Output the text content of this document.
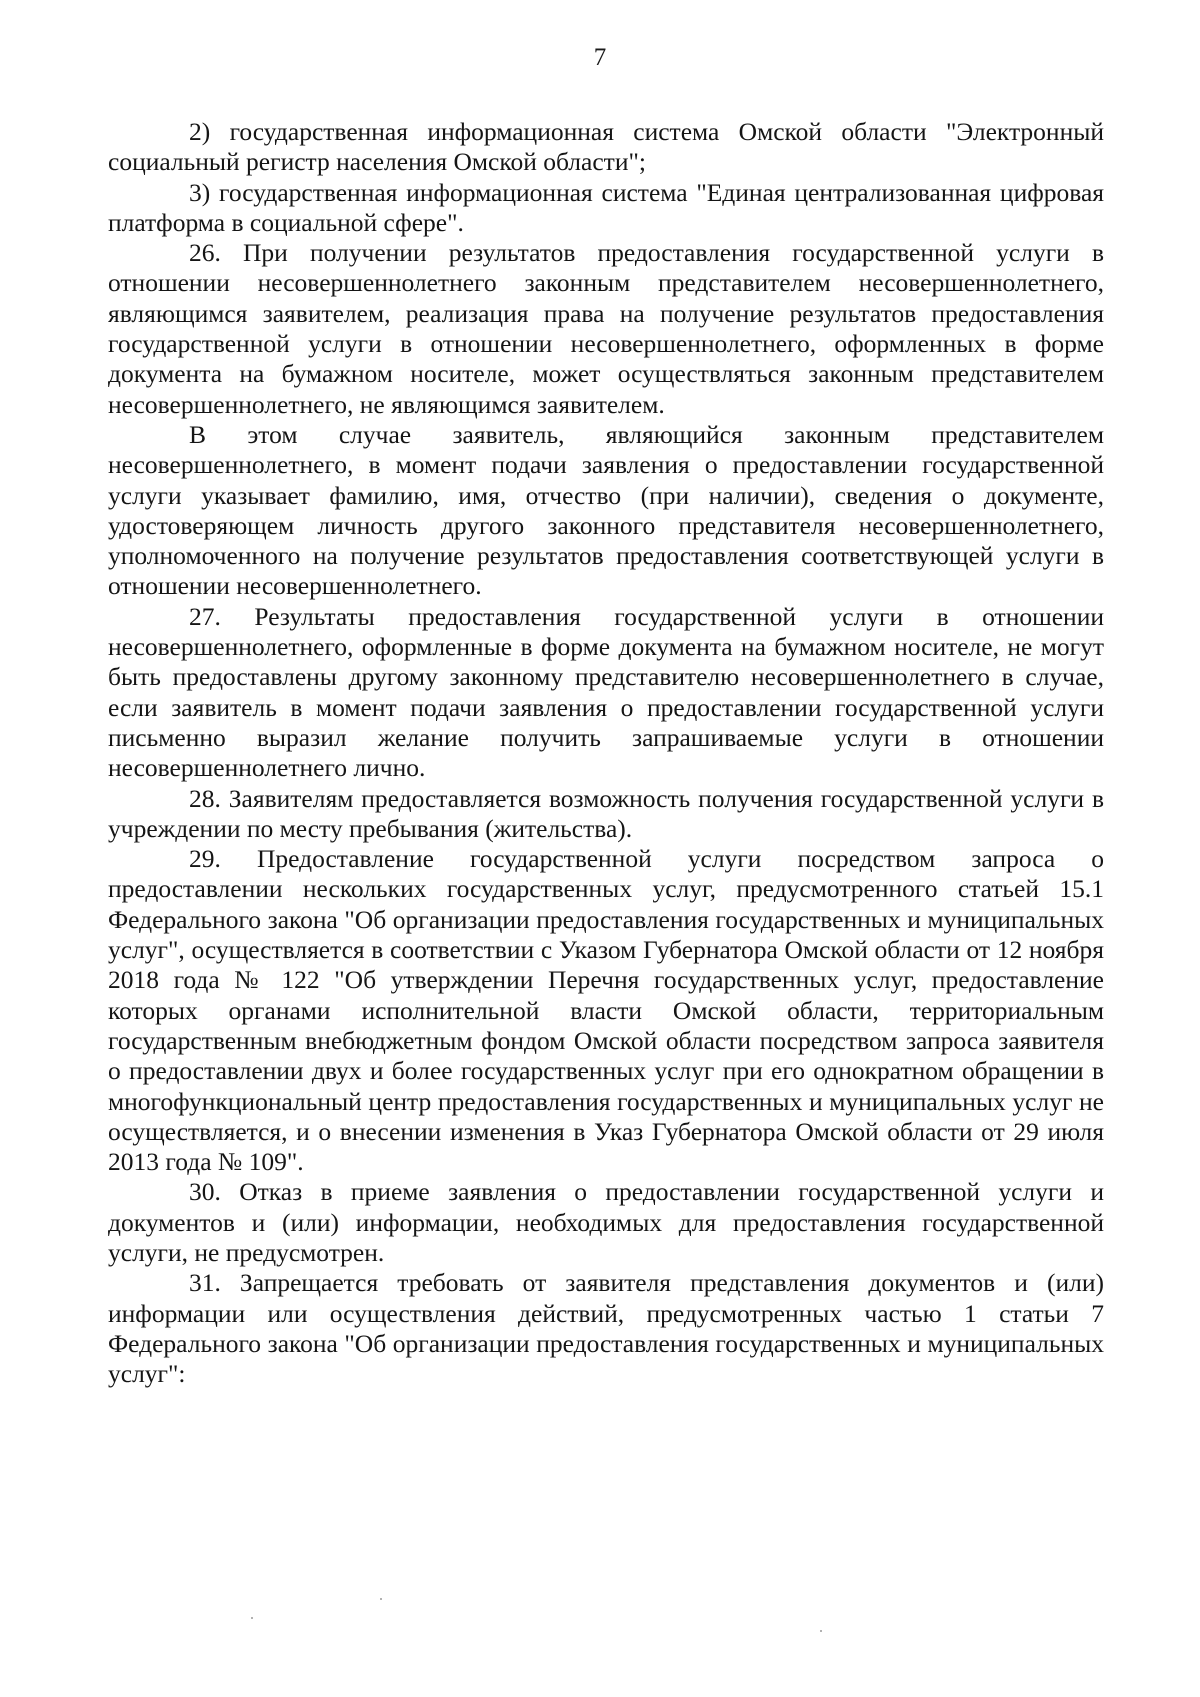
7

2) государственная информационная система Омской области "Электронный социальный регистр населения Омской области";

3) государственная информационная система "Единая централизованная цифровая платформа в социальной сфере".

26. При получении результатов предоставления государственной услуги в отношении несовершеннолетнего законным представителем несовершеннолетнего, являющимся заявителем, реализация права на получение результатов предоставления государственной услуги в отношении несовершеннолетнего, оформленных в форме документа на бумажном носителе, может осуществляться законным представителем несовершеннолетнего, не являющимся заявителем.

В этом случае заявитель, являющийся законным представителем несовершеннолетнего, в момент подачи заявления о предоставлении государственной услуги указывает фамилию, имя, отчество (при наличии), сведения о документе, удостоверяющем личность другого законного представителя несовершеннолетнего, уполномоченного на получение результатов предоставления соответствующей услуги в отношении несовершеннолетнего.

27. Результаты предоставления государственной услуги в отношении несовершеннолетнего, оформленные в форме документа на бумажном носителе, не могут быть предоставлены другому законному представителю несовершеннолетнего в случае, если заявитель в момент подачи заявления о предоставлении государственной услуги письменно выразил желание получить запрашиваемые услуги в отношении несовершеннолетнего лично.

28. Заявителям предоставляется возможность получения государственной услуги в учреждении по месту пребывания (жительства).

29. Предоставление государственной услуги посредством запроса о предоставлении нескольких государственных услуг, предусмотренного статьей 15.1 Федерального закона "Об организации предоставления государственных и муниципальных услуг", осуществляется в соответствии с Указом Губернатора Омской области от 12 ноября 2018 года № 122 "Об утверждении Перечня государственных услуг, предоставление которых органами исполнительной власти Омской области, территориальным государственным внебюджетным фондом Омской области посредством запроса заявителя о предоставлении двух и более государственных услуг при его однократном обращении в многофункциональный центр предоставления государственных и муниципальных услуг не осуществляется, и о внесении изменения в Указ Губернатора Омской области от 29 июля 2013 года № 109".

30. Отказ в приеме заявления о предоставлении государственной услуги и документов и (или) информации, необходимых для предоставления государственной услуги, не предусмотрен.

31. Запрещается требовать от заявителя представления документов и (или) информации или осуществления действий, предусмотренных частью 1 статьи 7 Федерального закона "Об организации предоставления государственных и муниципальных услуг":
